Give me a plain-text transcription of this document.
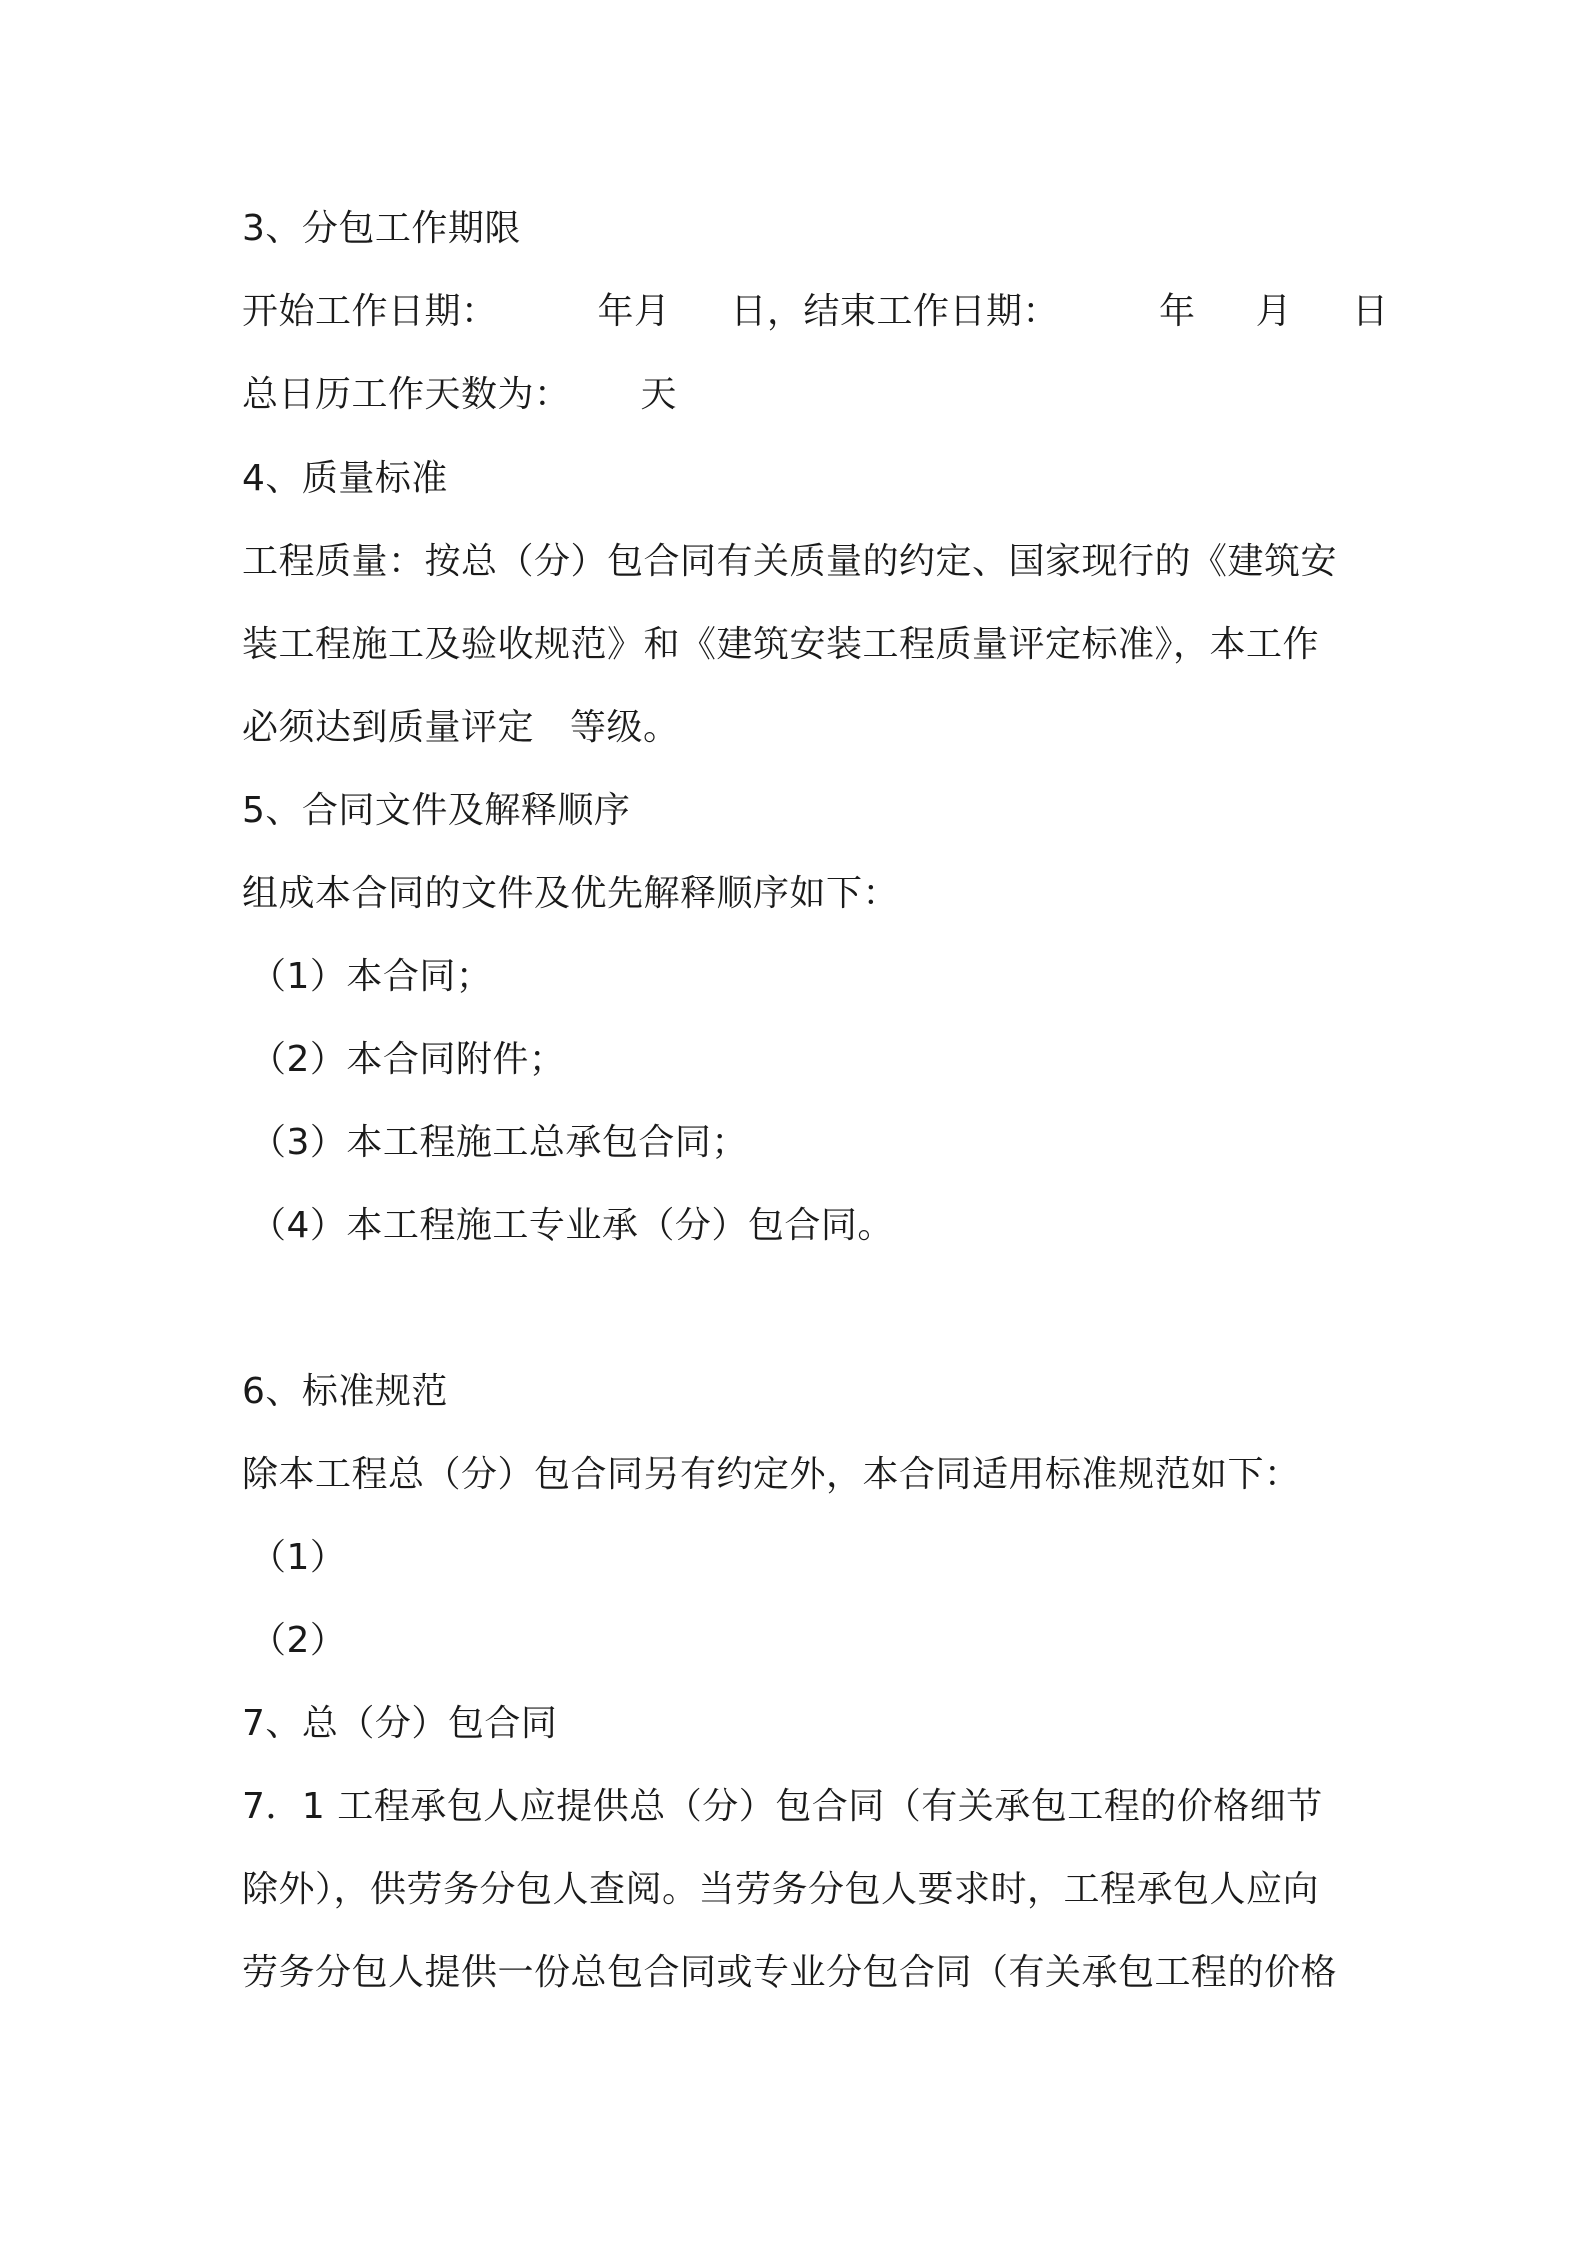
3、分包工作期限
开始工作日期：	年月 日，结束工作日期：	年 月 日
总日历工作天数为： 天
4、质量标准
工程质量：按总（分）包合同有关质量的约定、国家现行的《建筑安
装工程施工及验收规范》和《建筑安装工程质量评定标准》，本工作
必须达到质量评定 等级。
5、合同文件及解释顺序
组成本合同的文件及优先解释顺序如下：
（1）本合同；
（2）本合同附件；
（3）本工程施工总承包合同；
（4）本工程施工专业承（分）包合同。
6、标准规范
除本工程总（分）包合同另有约定外，本合同适用标准规范如下：
（1）
（2）
7、总（分）包合同
7．1 工程承包人应提供总（分）包合同（有关承包工程的价格细节
除外），供劳务分包人查阅。当劳务分包人要求时，工程承包人应向
劳务分包人提供一份总包合同或专业分包合同（有关承包工程的价格
